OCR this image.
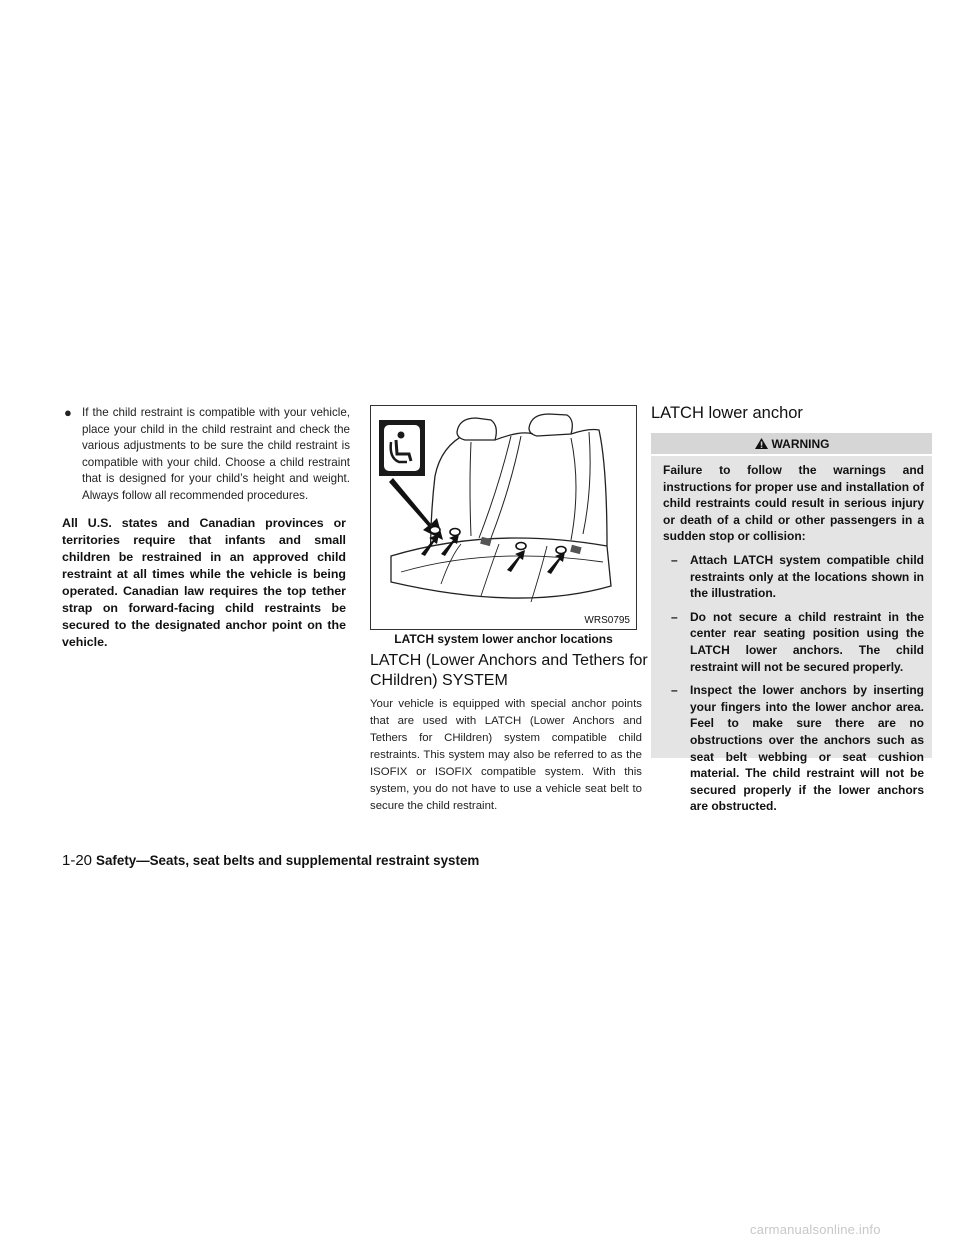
● If the child restraint is compatible with your vehicle, place your child in the child restraint and check the various adjustments to be sure the child restraint is compatible with your child. Choose a child restraint that is designed for your child’s height and weight. Always follow all recommended procedures.
All U.S. states and Canadian provinces or territories require that infants and small children be restrained in an approved child restraint at all times while the vehicle is being operated. Canadian law requires the top tether strap on forward-facing child restraints be secured to the designated anchor point on the vehicle.
WRS0795
LATCH system lower anchor locations
LATCH (Lower Anchors and Tethers for CHildren) SYSTEM
Your vehicle is equipped with special anchor points that are used with LATCH (Lower Anchors and Tethers for CHildren) system compatible child restraints. This system may also be referred to as the ISOFIX or ISOFIX compatible system. With this system, you do not have to use a vehicle seat belt to secure the child restraint.
LATCH lower anchor
WARNING
Failure to follow the warnings and instructions for proper use and installation of child restraints could result in serious injury or death of a child or other passengers in a sudden stop or collision:
–	Attach LATCH system compatible child restraints only at the locations shown in the illustration.
–	Do not secure a child restraint in the center rear seating position using the LATCH lower anchors. The child restraint will not be secured properly.
–	Inspect the lower anchors by inserting your fingers into the lower anchor area. Feel to make sure there are no obstructions over the anchors such as seat belt webbing or seat cushion material. The child restraint will not be secured properly if the lower anchors are obstructed.
1-20 Safety—Seats, seat belts and supplemental restraint system
carmanualsonline.info
